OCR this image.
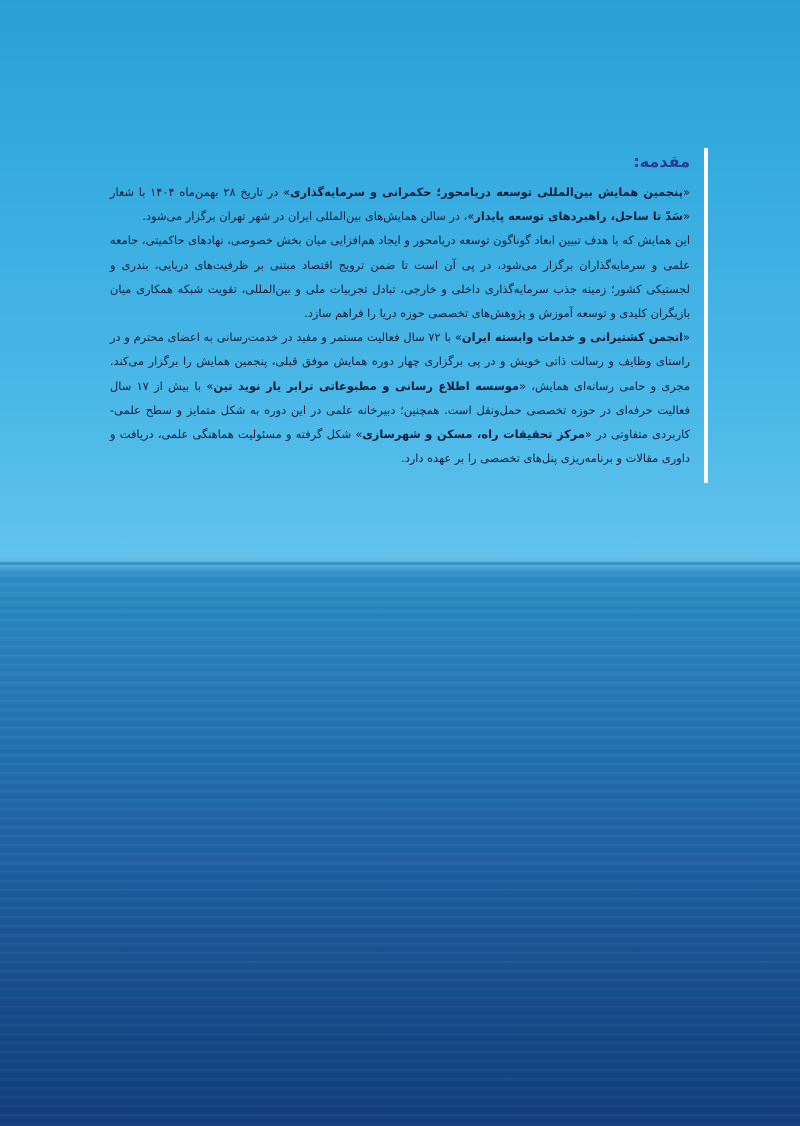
مقدمه:

«پنجمین همایش بین‌المللی توسعه دریامحور؛ حکمرانی و سرمایه‌گذاری» در تاریخ ۲۸ بهمن‌ماه ۱۴۰۴ با شعار «سَدّ تا ساحل، راهبردهای توسعه پایدار»، در سالن همایش‌های بین‌المللی ایران در شهر تهران برگزار می‌شود.

این همایش که با هدف تبیین ابعاد گوناگون توسعه دریامحور و ایجاد هم‌افزایی میان بخش خصوصی، نهادهای حاکمیتی، جامعه علمی و سرمایه‌گذاران برگزار می‌شود، در پی آن است تا ضمن ترویج اقتصاد مبتنی بر ظرفیت‌های دریایی، بندری و لجستیکی کشور؛ زمینه جذب سرمایه‌گذاری داخلی و خارجی، تبادل تجربیات ملی و بین‌المللی، تقویت شبکه همکاری میان بازیگران کلیدی و توسعه آموزش و پژوهش‌های تخصصی حوزه دریا را فراهم سازد.

«انجمن کشتیرانی و خدمات وابسته ایران» با ۷۲ سال فعالیت مستمر و مفید در خدمت‌رسانی به اعضای محترم و در راستای وظایف و رسالت ذاتی خویش و در پی برگزاری چهار دوره همایش موفق قبلی، پنجمین همایش را برگزار می‌کند. مجری و حامی رسانه‌ای همایش، «موسسه اطلاع رسانی و مطبوعاتی ترابر یار نوید تین» با بیش از ۱۷ سال فعالیت حرفه‌ای در حوزه تخصصی حمل‌ونقل است. همچنین؛ دبیرخانه علمی در این دوره به شکل متمایز و سطح علمی- کاربردی متفاوتی در «مرکز تحقیقات راه، مسکن و شهرسازی» شکل گرفته و مسئولیت هماهنگی علمی، دریافت و داوری مقالات و برنامه‌ریزی پنل‌های تخصصی را بر عهده دارد.
